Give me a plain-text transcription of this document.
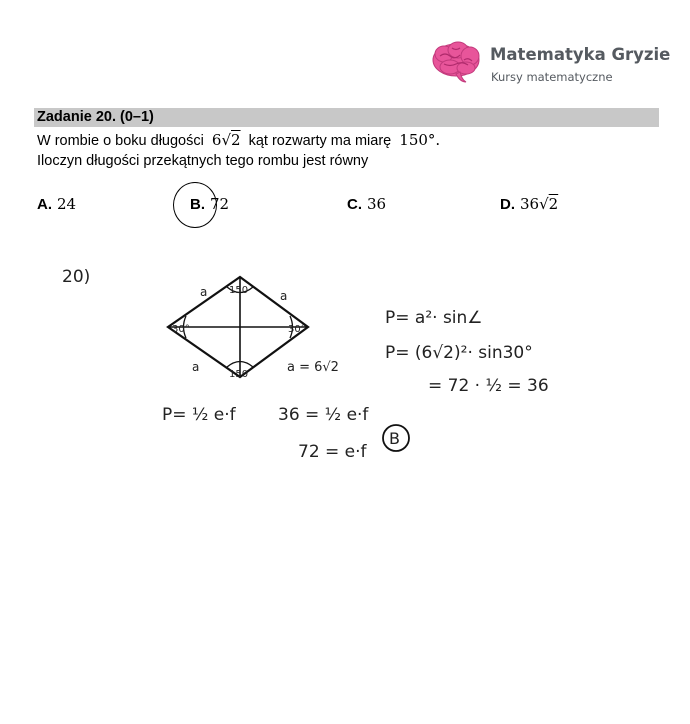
Matematyka Gryzie
Kursy matematyczne
Zadanie 20. (0–1)
W rombie o boku długości 6√2 kąt rozwarty ma miarę 150°.
Iloczyn długości przekątnych tego rombu jest równy
A. 24	B. 72	C. 36	D. 36√2
20)
a	a
a
150
150
30°	30°
a = 6√2
P= a²· sin∠
P= (6√2)²· sin30°
= 72 · ½ = 36
P= ½ e·f 36 = ½ e·f
72 = e·f
B
